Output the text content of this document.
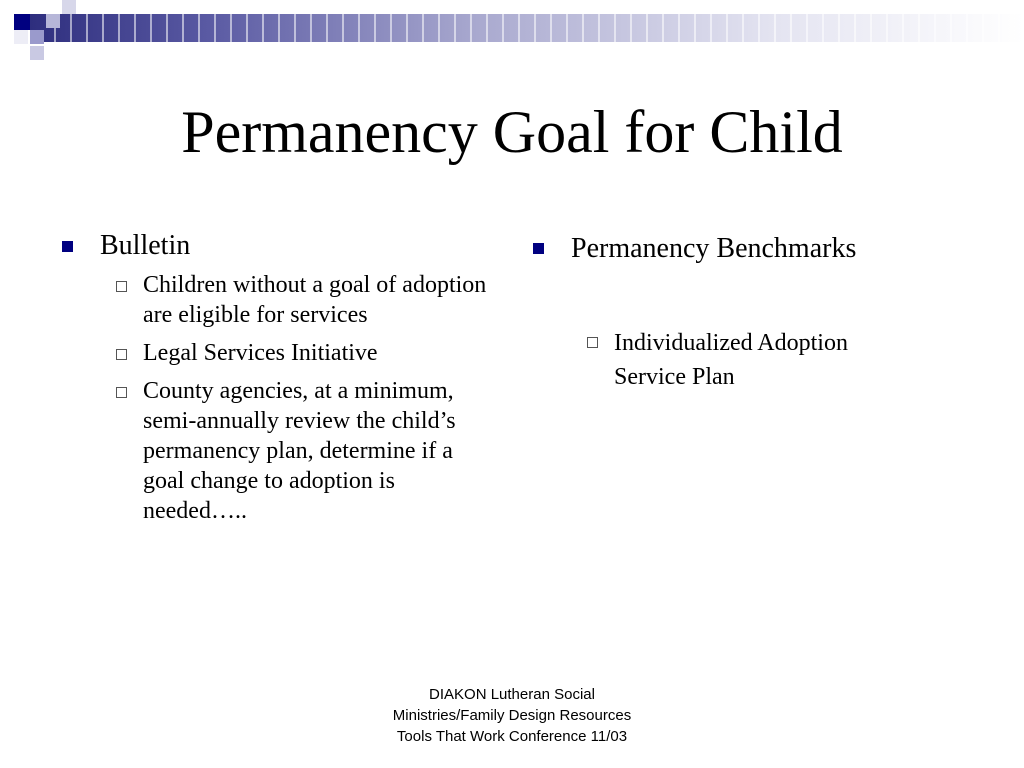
Permanency Goal for Child
Bulletin
Children without a goal of adoption are eligible for services
Legal Services Initiative
County agencies, at a minimum, semi-annually review the child’s permanency plan, determine if a goal change to adoption is needed…..
Permanency Benchmarks
Individualized Adoption Service Plan
DIAKON Lutheran Social
Ministries/Family Design Resources
Tools That Work Conference 11/03
